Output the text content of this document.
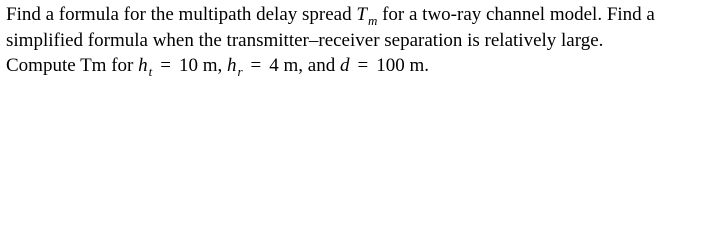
Find a formula for the multipath delay spread $T_m$ for a two-ray channel model. Find a
simplified formula when the transmitter–receiver separation is relatively large.
Compute Tm for $h_t = 10$ m, $h_r = 4$ m, and d = 100 m.
